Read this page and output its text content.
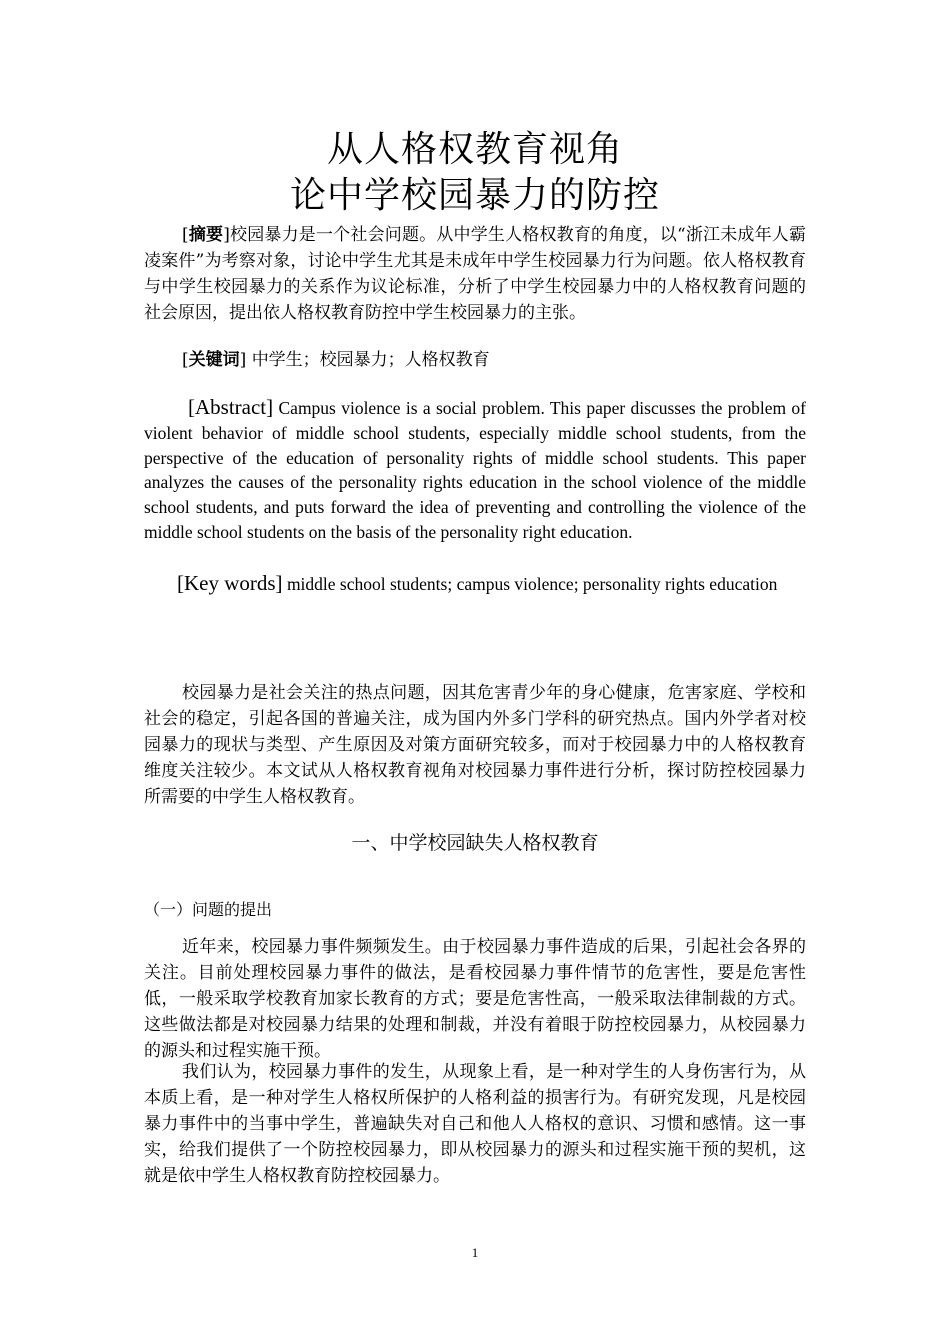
从人格权教育视角
论中学校园暴力的防控
[摘要]校园暴力是一个社会问题。从中学生人格权教育的角度，以“浙江未成年人霸凌案件”为考察对象，讨论中学生尤其是未成年中学生校园暴力行为问题。依人格权教育与中学生校园暴力的关系作为议论标准，分析了中学生校园暴力中的人格权教育问题的社会原因，提出依人格权教育防控中学生校园暴力的主张。
[关键词] 中学生；校园暴力；人格权教育
[Abstract] Campus violence is a social problem. This paper discusses the problem of violent behavior of middle school students, especially middle school students, from the perspective of the education of personality rights of middle school students. This paper analyzes the causes of the personality rights education in the school violence of the middle school students, and puts forward the idea of preventing and controlling the violence of the middle school students on the basis of the personality right education.
[Key words] middle school students; campus violence; personality rights education
校园暴力是社会关注的热点问题，因其危害青少年的身心健康，危害家庭、学校和社会的稳定，引起各国的普遍关注，成为国内外多门学科的研究热点。国内外学者对校园暴力的现状与类型、产生原因及对策方面研究较多，而对于校园暴力中的人格权教育维度关注较少。本文试从人格权教育视角对校园暴力事件进行分析，探讨防控校园暴力所需要的中学生人格权教育。
一、中学校园缺失人格权教育
（一）问题的提出
近年来，校园暴力事件频频发生。由于校园暴力事件造成的后果，引起社会各界的关注。目前处理校园暴力事件的做法，是看校园暴力事件情节的危害性，要是危害性低，一般采取学校教育加家长教育的方式；要是危害性高，一般采取法律制裁的方式。这些做法都是对校园暴力结果的处理和制裁，并没有着眼于防控校园暴力，从校园暴力的源头和过程实施干预。
我们认为，校园暴力事件的发生，从现象上看，是一种对学生的人身伤害行为，从本质上看，是一种对学生人格权所保护的人格利益的损害行为。有研究发现，凡是校园暴力事件中的当事中学生，普遍缺失对自己和他人人格权的意识、习惯和感情。这一事实，给我们提供了一个防控校园暴力，即从校园暴力的源头和过程实施干预的契机，这就是依中学生人格权教育防控校园暴力。
1
